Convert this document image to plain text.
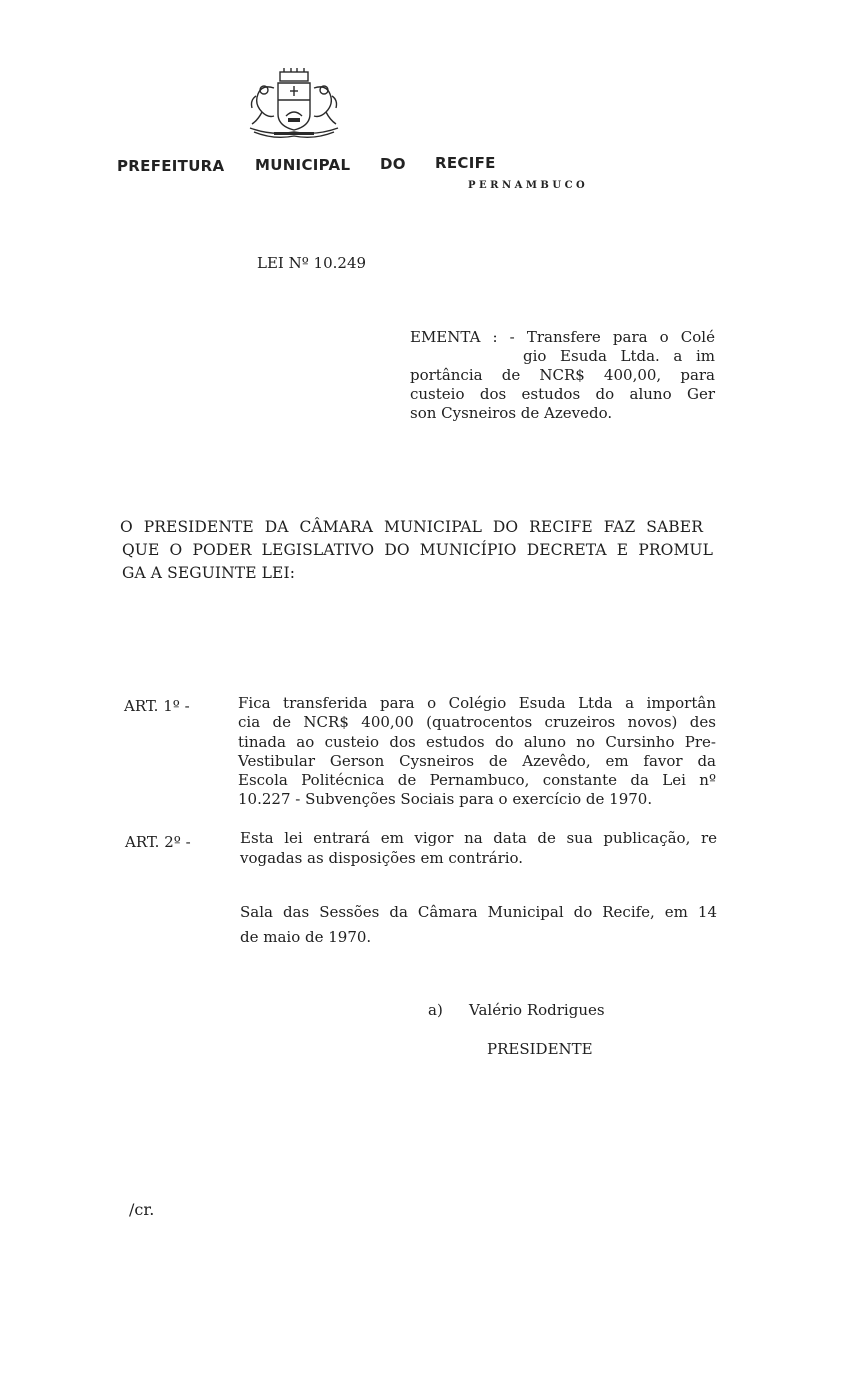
PREFEITURA MUNICIPAL DO RECIFE
PERNAMBUCO
LEI Nº 10.249
EMENTA : - Transfere para o Colé
gio Esuda Ltda. a im
portância de NCR$ 400,00, para
custeio dos estudos do aluno Ger
son Cysneiros de Azevedo.
O PRESIDENTE DA CÂMARA MUNICIPAL DO RECIFE FAZ SABER
QUE O PODER LEGISLATIVO DO MUNICÍPIO DECRETA E PROMUL
GA A SEGUINTE LEI:
ART. 1º -	Fica transferida para o Colégio Esuda Ltda a importân
cia de NCR$ 400,00 (quatrocentos cruzeiros novos) des
tinada ao custeio dos estudos do aluno no Cursinho Pre-
Vestibular Gerson Cysneiros de Azevêdo, em favor da
Escola Politécnica de Pernambuco, constante da Lei nº
10.227 - Subvenções Sociais para o exercício de 1970.
ART. 2º -	Esta lei entrará em vigor na data de sua publicação, re
vogadas as disposições em contrário.
Sala das Sessões da Câmara Municipal do Recife, em 14
de maio de 1970.
a) Valério Rodrigues
PRESIDENTE
/cr.
